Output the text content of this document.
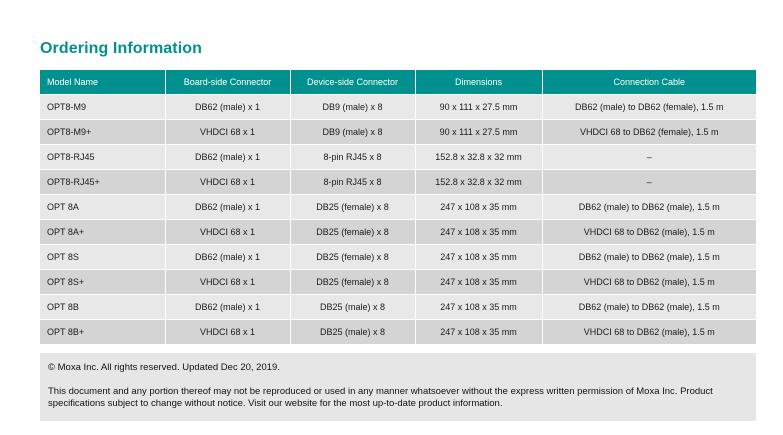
Ordering Information
Model Name	Board-side Connector	Device-side Connector	Dimensions	Connection Cable
OPT8-M9	DB62 (male) x 1	DB9 (male) x 8	90 x 111 x 27.5 mm	DB62 (male) to DB62 (female), 1.5 m
OPT8-M9+	VHDCI 68 x 1	DB9 (male) x 8	90 x 111 x 27.5 mm	VHDCI 68 to DB62 (female), 1.5 m
OPT8-RJ45	DB62 (male) x 1	8-pin RJ45 x 8	152.8 x 32.8 x 32 mm	–
OPT8-RJ45+	VHDCI 68 x 1	8-pin RJ45 x 8	152.8 x 32.8 x 32 mm	–
OPT 8A	DB62 (male) x 1	DB25 (female) x 8	247 x 108 x 35 mm	DB62 (male) to DB62 (male), 1.5 m
OPT 8A+	VHDCI 68 x 1	DB25 (female) x 8	247 x 108 x 35 mm	VHDCI 68 to DB62 (male), 1.5 m
OPT 8S	DB62 (male) x 1	DB25 (female) x 8	247 x 108 x 35 mm	DB62 (male) to DB62 (male), 1.5 m
OPT 8S+	VHDCI 68 x 1	DB25 (female) x 8	247 x 108 x 35 mm	VHDCI 68 to DB62 (male), 1.5 m
OPT 8B	DB62 (male) x 1	DB25 (male) x 8	247 x 108 x 35 mm	DB62 (male) to DB62 (male), 1.5 m
OPT 8B+	VHDCI 68 x 1	DB25 (male) x 8	247 x 108 x 35 mm	VHDCI 68 to DB62 (male), 1.5 m

© Moxa Inc. All rights reserved. Updated Dec 20, 2019.

This document and any portion thereof may not be reproduced or used in any manner whatsoever without the express written permission of Moxa Inc. Product specifications subject to change without notice. Visit our website for the most up-to-date product information.
